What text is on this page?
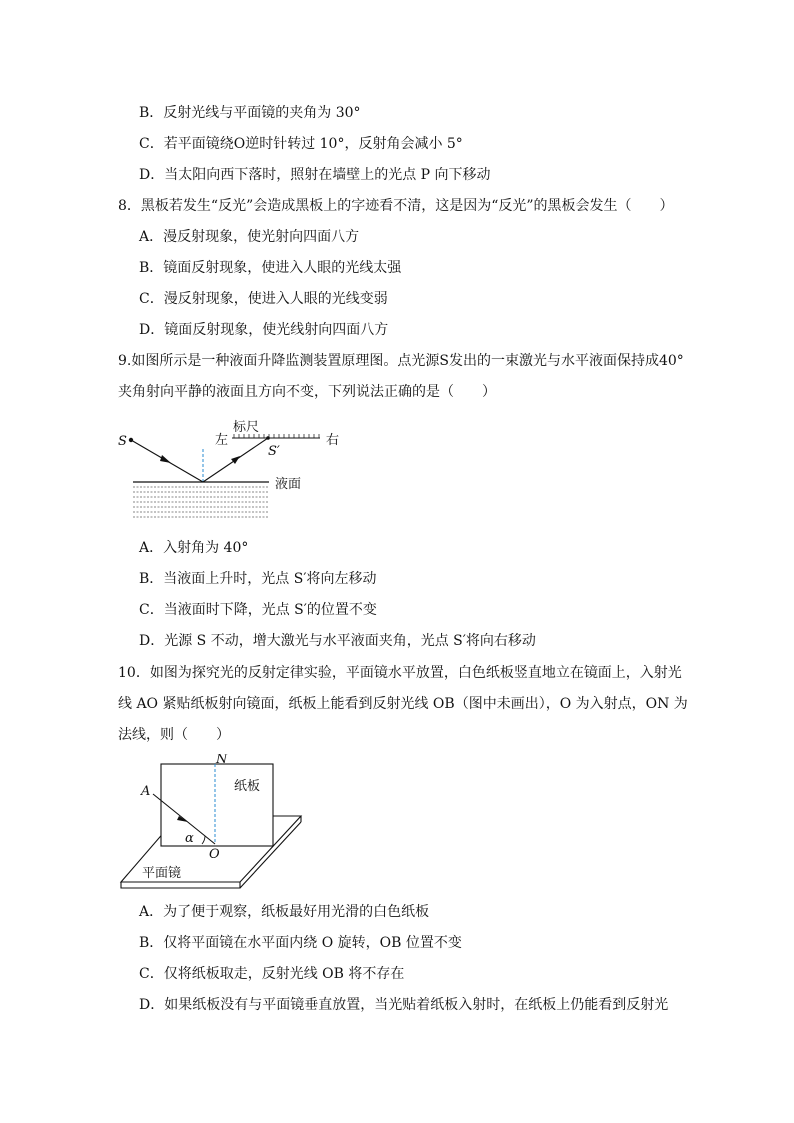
B．反射光线与平面镜的夹角为 30°
C．若平面镜绕O逆时针转过 10°，反射角会减小 5°
D．当太阳向西下落时，照射在墙壁上的光点 P 向下移动
8．黑板若发生“反光”会造成黑板上的字迹看不清，这是因为“反光”的黑板会发生（　　）
A．漫反射现象，使光射向四面八方
B．镜面反射现象，使进入人眼的光线太强
C．漫反射现象，使进入人眼的光线变弱
D．镜面反射现象，使光线射向四面八方
9.如图所示是一种液面升降监测装置原理图。点光源S发出的一束激光与水平液面保持成40°
夹角射向平静的液面且方向不变，下列说法正确的是（　　）
S	左
标尺
右
S′
液面
A．入射角为 40°
B．当液面上升时，光点 S′将向左移动
C．当液面时下降，光点 S′的位置不变
D．光源 S 不动，增大激光与水平液面夹角，光点 S′将向右移动
10．如图为探究光的反射定律实验，平面镜水平放置，白色纸板竖直地立在镜面上，入射光
线 AO 紧贴纸板射向镜面，纸板上能看到反射光线 OB（图中未画出），O 为入射点，ON 为
法线，则（　　）
N
A
α
纸板
O
平面镜
A．为了便于观察，纸板最好用光滑的白色纸板
B．仅将平面镜在水平面内绕 O 旋转，OB 位置不变
C．仅将纸板取走，反射光线 OB 将不存在
D．如果纸板没有与平面镜垂直放置，当光贴着纸板入射时，在纸板上仍能看到反射光
